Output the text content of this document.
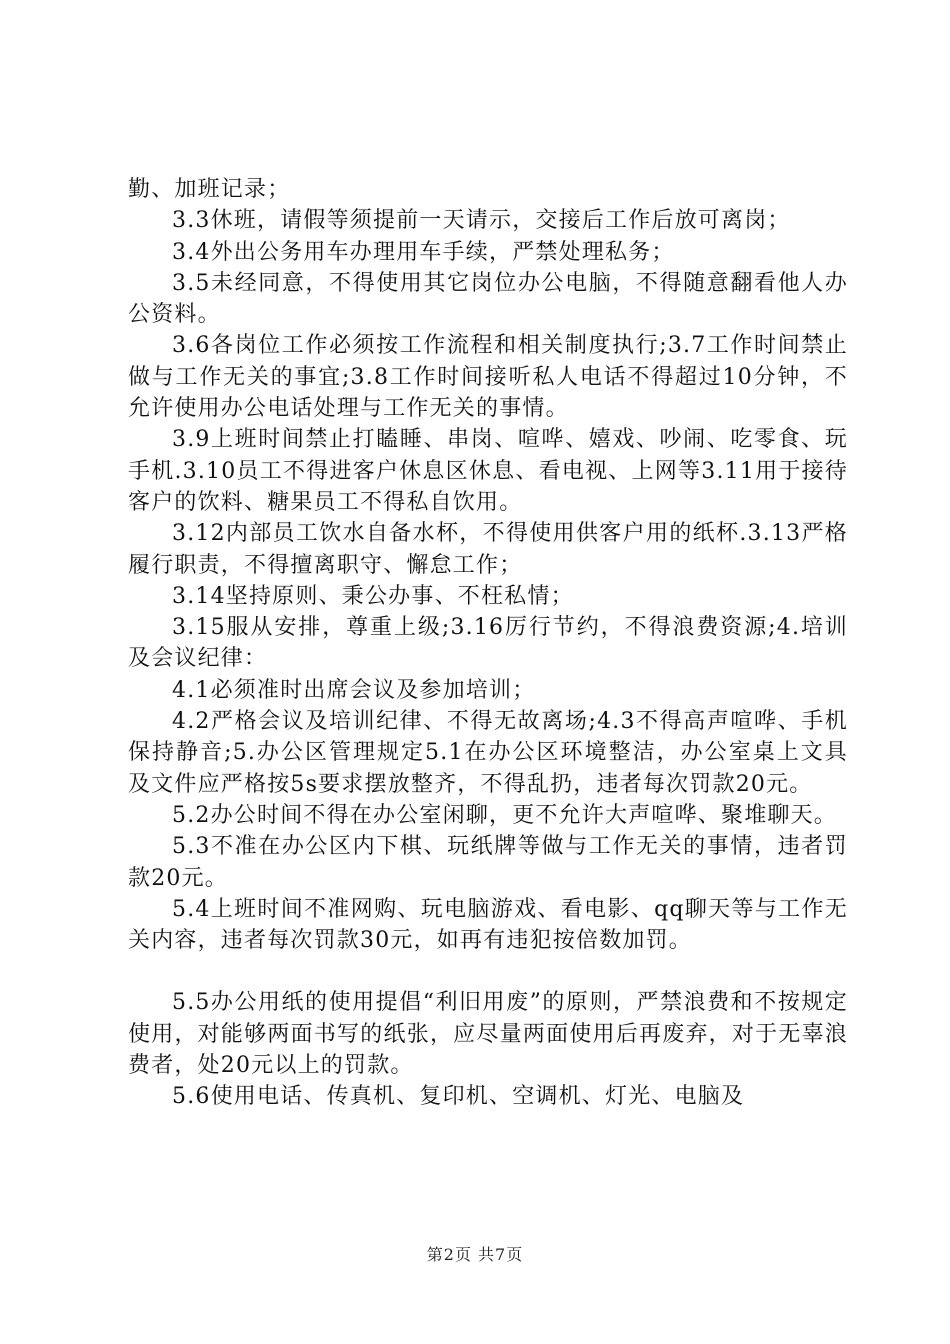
勤、加班记录；

3.3休班，请假等须提前一天请示，交接后工作后放可离岗；

3.4外出公务用车办理用车手续，严禁处理私务；

3.5未经同意，不得使用其它岗位办公电脑，不得随意翻看他人办公资料。

3.6各岗位工作必须按工作流程和相关制度执行;3.7工作时间禁止做与工作无关的事宜;3.8工作时间接听私人电话不得超过10分钟，不允许使用办公电话处理与工作无关的事情。

3.9上班时间禁止打瞌睡、串岗、喧哗、嬉戏、吵闹、吃零食、玩手机.3.10员工不得进客户休息区休息、看电视、上网等3.11用于接待客户的饮料、糖果员工不得私自饮用。

3.12内部员工饮水自备水杯，不得使用供客户用的纸杯.3.13严格履行职责，不得擅离职守、懈怠工作；

3.14坚持原则、秉公办事、不枉私情；

3.15服从安排，尊重上级;3.16厉行节约，不得浪费资源;4.培训及会议纪律：

4.1必须准时出席会议及参加培训；

4.2严格会议及培训纪律、不得无故离场;4.3不得高声喧哗、手机保持静音;5.办公区管理规定5.1在办公区环境整洁，办公室桌上文具及文件应严格按5s要求摆放整齐，不得乱扔，违者每次罚款20元。

5.2办公时间不得在办公室闲聊，更不允许大声喧哗、聚堆聊天。

5.3不准在办公区内下棋、玩纸牌等做与工作无关的事情，违者罚款20元。

5.4上班时间不准网购、玩电脑游戏、看电影、qq聊天等与工作无关内容，违者每次罚款30元，如再有违犯按倍数加罚。

5.5办公用纸的使用提倡“利旧用废”的原则，严禁浪费和不按规定使用，对能够两面书写的纸张，应尽量两面使用后再废弃，对于无辜浪费者，处20元以上的罚款。

5.6使用电话、传真机、复印机、空调机、灯光、电脑及

第2页 共7页
